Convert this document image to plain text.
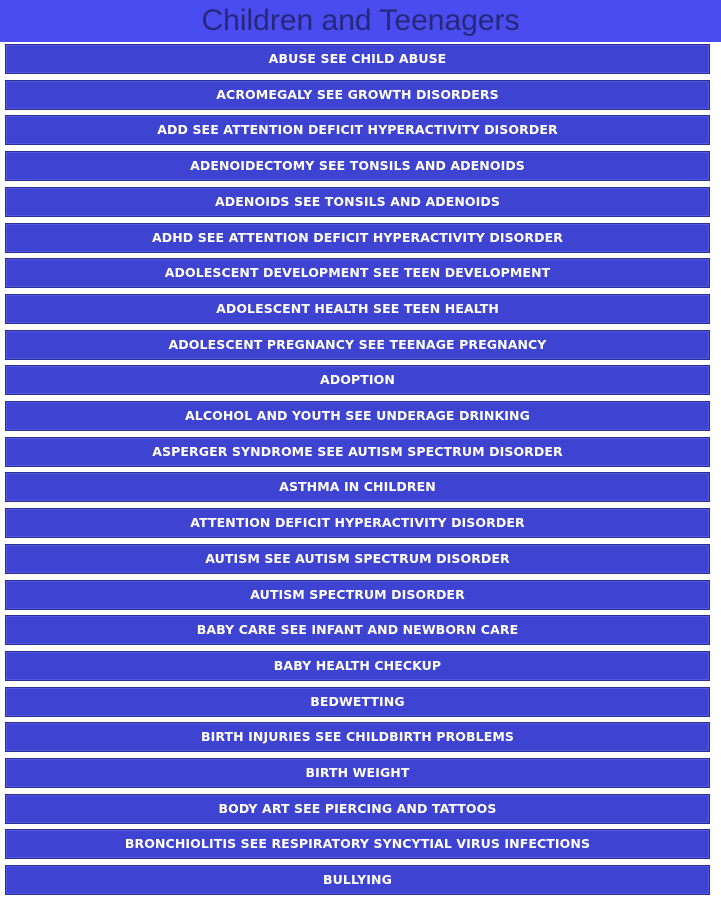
Children and Teenagers
ABUSE SEE CHILD ABUSE
ACROMEGALY SEE GROWTH DISORDERS
ADD SEE ATTENTION DEFICIT HYPERACTIVITY DISORDER
ADENOIDECTOMY SEE TONSILS AND ADENOIDS
ADENOIDS SEE TONSILS AND ADENOIDS
ADHD SEE ATTENTION DEFICIT HYPERACTIVITY DISORDER
ADOLESCENT DEVELOPMENT SEE TEEN DEVELOPMENT
ADOLESCENT HEALTH SEE TEEN HEALTH
ADOLESCENT PREGNANCY SEE TEENAGE PREGNANCY
ADOPTION
ALCOHOL AND YOUTH SEE UNDERAGE DRINKING
ASPERGER SYNDROME SEE AUTISM SPECTRUM DISORDER
ASTHMA IN CHILDREN
ATTENTION DEFICIT HYPERACTIVITY DISORDER
AUTISM SEE AUTISM SPECTRUM DISORDER
AUTISM SPECTRUM DISORDER
BABY CARE SEE INFANT AND NEWBORN CARE
BABY HEALTH CHECKUP
BEDWETTING
BIRTH INJURIES SEE CHILDBIRTH PROBLEMS
BIRTH WEIGHT
BODY ART SEE PIERCING AND TATTOOS
BRONCHIOLITIS SEE RESPIRATORY SYNCYTIAL VIRUS INFECTIONS
BULLYING
